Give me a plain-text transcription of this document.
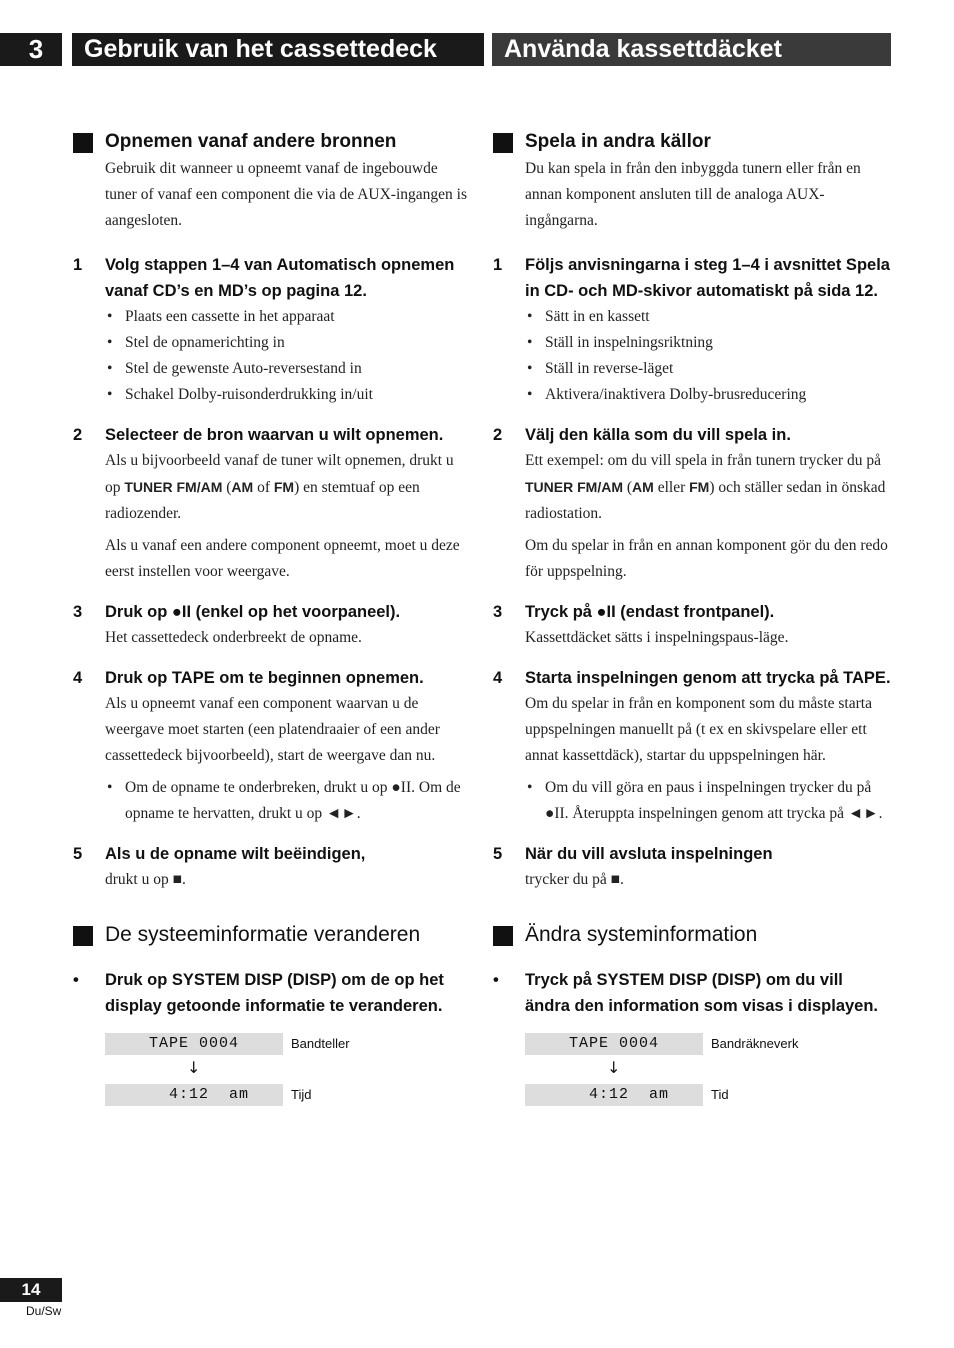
3	Gebruik van het cassettedeck	Använda kassettdäcket
Opnemen vanaf andere bronnen
Gebruik dit wanneer u opneemt vanaf de ingebouwde tuner of vanaf een component die via de AUX-ingangen is aangesloten.
1 Volg stappen 1–4 van Automatisch opnemen vanaf CD’s en MD’s op pagina 12.
• Plaats een cassette in het apparaat
• Stel de opnamerichting in
• Stel de gewenste Auto-reversestand in
• Schakel Dolby-ruisonderdrukking in/uit
2 Selecteer de bron waarvan u wilt opnemen.
Als u bijvoorbeeld vanaf de tuner wilt opnemen, drukt u op TUNER FM/AM (AM of FM) en stemtuaf op een radiozender.
Als u vanaf een andere component opneemt, moet u deze eerst instellen voor weergave.
3 Druk op ●II (enkel op het voorpaneel).
Het cassettedeck onderbreekt de opname.
4 Druk op TAPE om te beginnen opnemen.
Als u opneemt vanaf een component waarvan u de weergave moet starten (een platendraaier of een ander cassettedeck bijvoorbeeld), start de weergave dan nu.
• Om de opname te onderbreken, drukt u op ●II. Om de opname te hervatten, drukt u op ◄►.
5 Als u de opname wilt beëindigen,
drukt u op ■.
De systeeminformatie veranderen
• Druk op SYSTEM DISP (DISP) om de op het display getoonde informatie te veranderen.
TAPE 0004
↓
4:12  am
Bandteller
Tijd
Spela in andra källor
Du kan spela in från den inbyggda tunern eller från en annan komponent ansluten till de analoga AUX-ingångarna.
1 Följs anvisningarna i steg 1–4 i avsnittet Spela in CD- och MD-skivor automatiskt på sida 12.
• Sätt in en kassett
• Ställ in inspelningsriktning
• Ställ in reverse-läget
• Aktivera/inaktivera Dolby-brusreducering
2 Välj den källa som du vill spela in.
Ett exempel: om du vill spela in från tunern trycker du på TUNER FM/AM (AM eller FM) och ställer sedan in önskad radiostation.
Om du spelar in från en annan komponent gör du den redo för uppspelning.
3 Tryck på ●II (endast frontpanel).
Kassettdäcket sätts i inspelningspaus-läge.
4 Starta inspelningen genom att trycka på TAPE.
Om du spelar in från en komponent som du måste starta uppspelningen manuellt på (t ex en skivspelare eller ett annat kassettdäck), startar du uppspelningen här.
• Om du vill göra en paus i inspelningen trycker du på ●II. Återuppta inspelningen genom att trycka på ◄►.
5 När du vill avsluta inspelningen
trycker du på ■.
Ändra systeminformation
• Tryck på SYSTEM DISP (DISP) om du vill ändra den information som visas i displayen.
TAPE 0004
↓
4:12  am
Bandräkneverk
Tid
14
Du/Sw
